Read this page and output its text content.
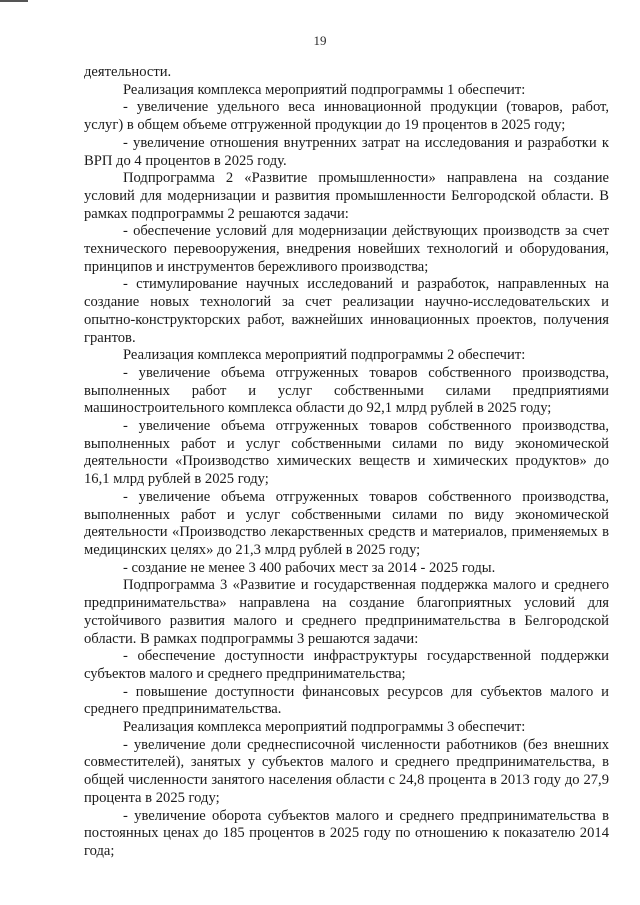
19

деятельности.

Реализация комплекса мероприятий подпрограммы 1 обеспечит:

- увеличение удельного веса инновационной продукции (товаров, работ, услуг) в общем объеме отгруженной продукции до 19 процентов в 2025 году;

- увеличение отношения внутренних затрат на исследования и разработки к ВРП до 4 процентов в 2025 году.

Подпрограмма 2 «Развитие промышленности» направлена на создание условий для модернизации и развития промышленности Белгородской области. В рамках подпрограммы 2 решаются задачи:

- обеспечение условий для модернизации действующих производств за счет технического перевооружения, внедрения новейших технологий и оборудования, принципов и инструментов бережливого производства;

- стимулирование научных исследований и разработок, направленных на создание новых технологий за счет реализации научно-исследовательских и опытно-конструкторских работ, важнейших инновационных проектов, получения грантов.

Реализация комплекса мероприятий подпрограммы 2 обеспечит:

- увеличение объема отгруженных товаров собственного производства, выполненных работ и услуг собственными силами предприятиями машиностроительного комплекса области до 92,1 млрд рублей в 2025 году;

- увеличение объема отгруженных товаров собственного производства, выполненных работ и услуг собственными силами по виду экономической деятельности «Производство химических веществ и химических продуктов» до 16,1 млрд рублей в 2025 году;

- увеличение объема отгруженных товаров собственного производства, выполненных работ и услуг собственными силами по виду экономической деятельности «Производство лекарственных средств и материалов, применяемых в медицинских целях» до 21,3 млрд рублей в 2025 году;

- создание не менее 3 400 рабочих мест за 2014 - 2025 годы.

Подпрограмма 3 «Развитие и государственная поддержка малого и среднего предпринимательства» направлена на создание благоприятных условий для устойчивого развития малого и среднего предпринимательства в Белгородской области. В рамках подпрограммы 3 решаются задачи:

- обеспечение доступности инфраструктуры государственной поддержки субъектов малого и среднего предпринимательства;

- повышение доступности финансовых ресурсов для субъектов малого и среднего предпринимательства.

Реализация комплекса мероприятий подпрограммы 3 обеспечит:

- увеличение доли среднесписочной численности работников (без внешних совместителей), занятых у субъектов малого и среднего предпринимательства, в общей численности занятого населения области с 24,8 процента в 2013 году до 27,9 процента в 2025 году;

- увеличение оборота субъектов малого и среднего предпринимательства в постоянных ценах до 185 процентов в 2025 году по отношению к показателю 2014 года;
